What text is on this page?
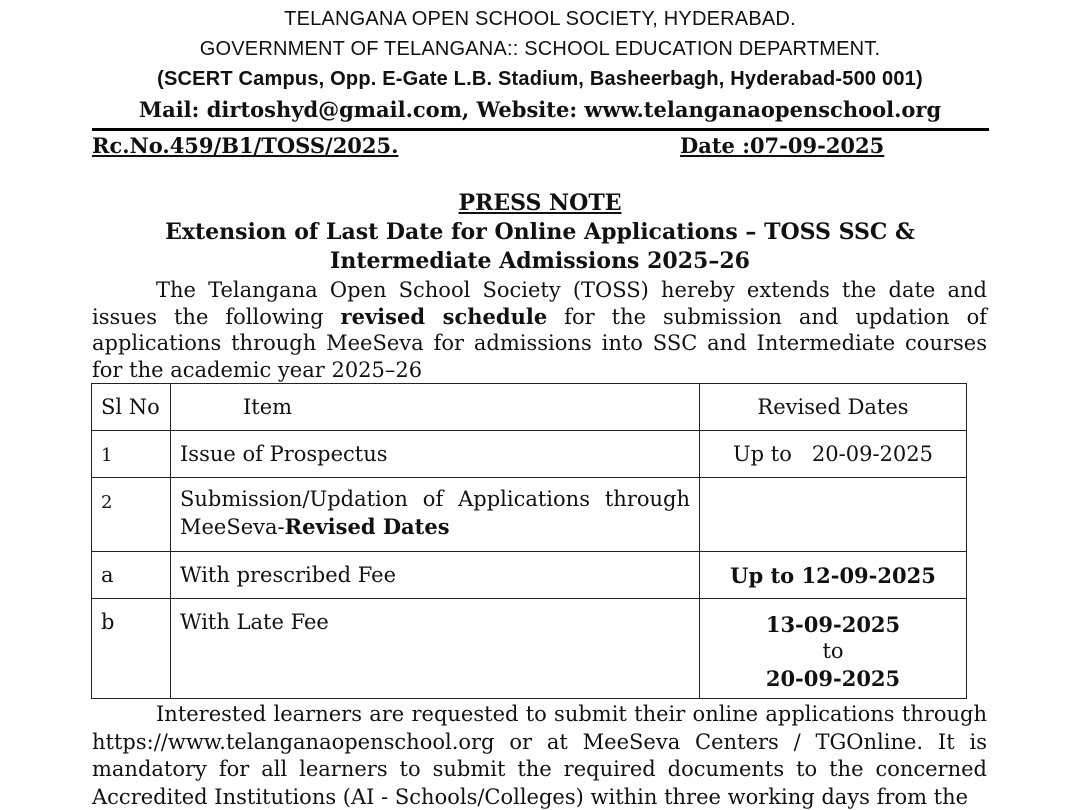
TELANGANA OPEN SCHOOL SOCIETY, HYDERABAD.
GOVERNMENT OF TELANGANA:: SCHOOL EDUCATION DEPARTMENT.
(SCERT Campus, Opp. E-Gate L.B. Stadium, Basheerbagh, Hyderabad-500 001)
Mail: dirtoshyd@gmail.com, Website: www.telanganaopenschool.org
Rc.No.459/B1/TOSS/2025.	Date :07-09-2025
PRESS NOTE
Extension of Last Date for Online Applications – TOSS SSC &
Intermediate Admissions 2025–26
The Telangana Open School Society (TOSS) hereby extends the date and issues the following revised schedule for the submission and updation of applications through MeeSeva for admissions into SSC and Intermediate courses for the academic year 2025–26
Sl No	Item	Revised Dates
1	Issue of Prospectus	Up to   20-09-2025
2	Submission/Updation of Applications through MeeSeva-Revised Dates	
a	With prescribed Fee	Up to 12-09-2025
b	With Late Fee	13-09-2025
to
20-09-2025
Interested learners are requested to submit their online applications through https://www.telanganaopenschool.org or at MeeSeva Centers / TGOnline. It is mandatory for all learners to submit the required documents to the concerned Accredited Institutions (AI - Schools/Colleges) within three working days from the
